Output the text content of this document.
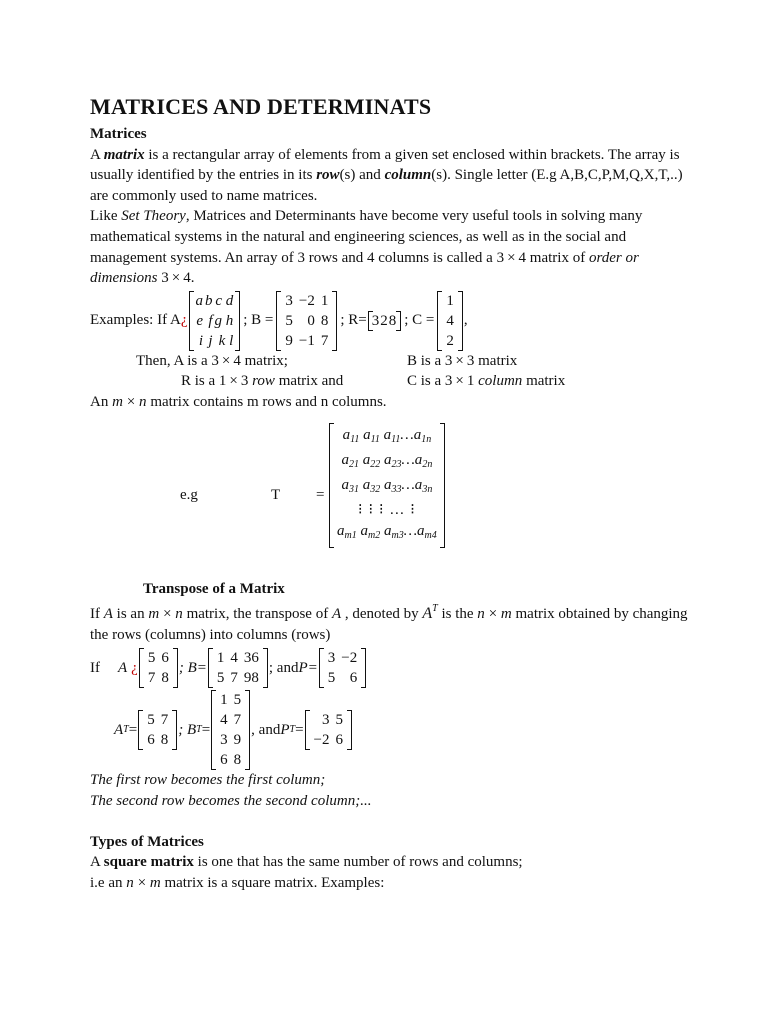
MATRICES AND DETERMINATS
Matrices

A matrix is a rectangular array of elements from a given set enclosed within brackets. The array is usually identified by the entries in its row(s) and column(s). Single letter (E.g A,B,C,P,M,Q,X,T,..) are commonly used to name matrices.

Like Set Theory, Matrices and Determinants have become very useful tools in solving many mathematical systems in the natural and engineering sciences, as well as in the social and management systems. An array of 3 rows and 4 columns is called a 3 × 4 matrix of order or dimensions 3 × 4.

Examples: If A ¿
a	b	c d
e	f	g h
i	j	k l
; B =
3	−2	1
5	0	8
9	−1	7
; R= 328 ; C =
1
4
2
,
Then, A is a 3 × 4 matrix;	B is a 3 × 3 matrix
R is a 1 × 3 row matrix and	C is a 3 × 1 column matrix

An m × n matrix contains m rows and n columns.

e.g	T =
$a_{11}$ $a_{11}$ $a_{11}\dots a_{1n}$
$a_{21}$ $a_{22}$ $a_{23}\dots a_{2n}$
$a_{31}$ $a_{32}$ $a_{33}\dots a_{3n}$
⁝ ⁝ ⁝ … ⁝
$a_{m1}$ $a_{m2}$ $a_{m3}\dots a_{m4}$
Transpose of a Matrix

If A is an m × n matrix, the transpose of A , denoted by $A^T$ is the n × m matrix obtained by changing the rows (columns) into columns (rows)

If A ¿
5	6
7	8
; B=
1	4	36
5	7	98
; and P=
3	−2
5	6
A T =
5	7
6	8
; B T =
1	5
4	7
3	9
6	8
, and P T =
3	5
−2	6

The first row becomes the first column;

The second row becomes the second column;...

Types of Matrices

A square matrix is one that has the same number of rows and columns;

i.e an n × m matrix is a square matrix. Examples:
